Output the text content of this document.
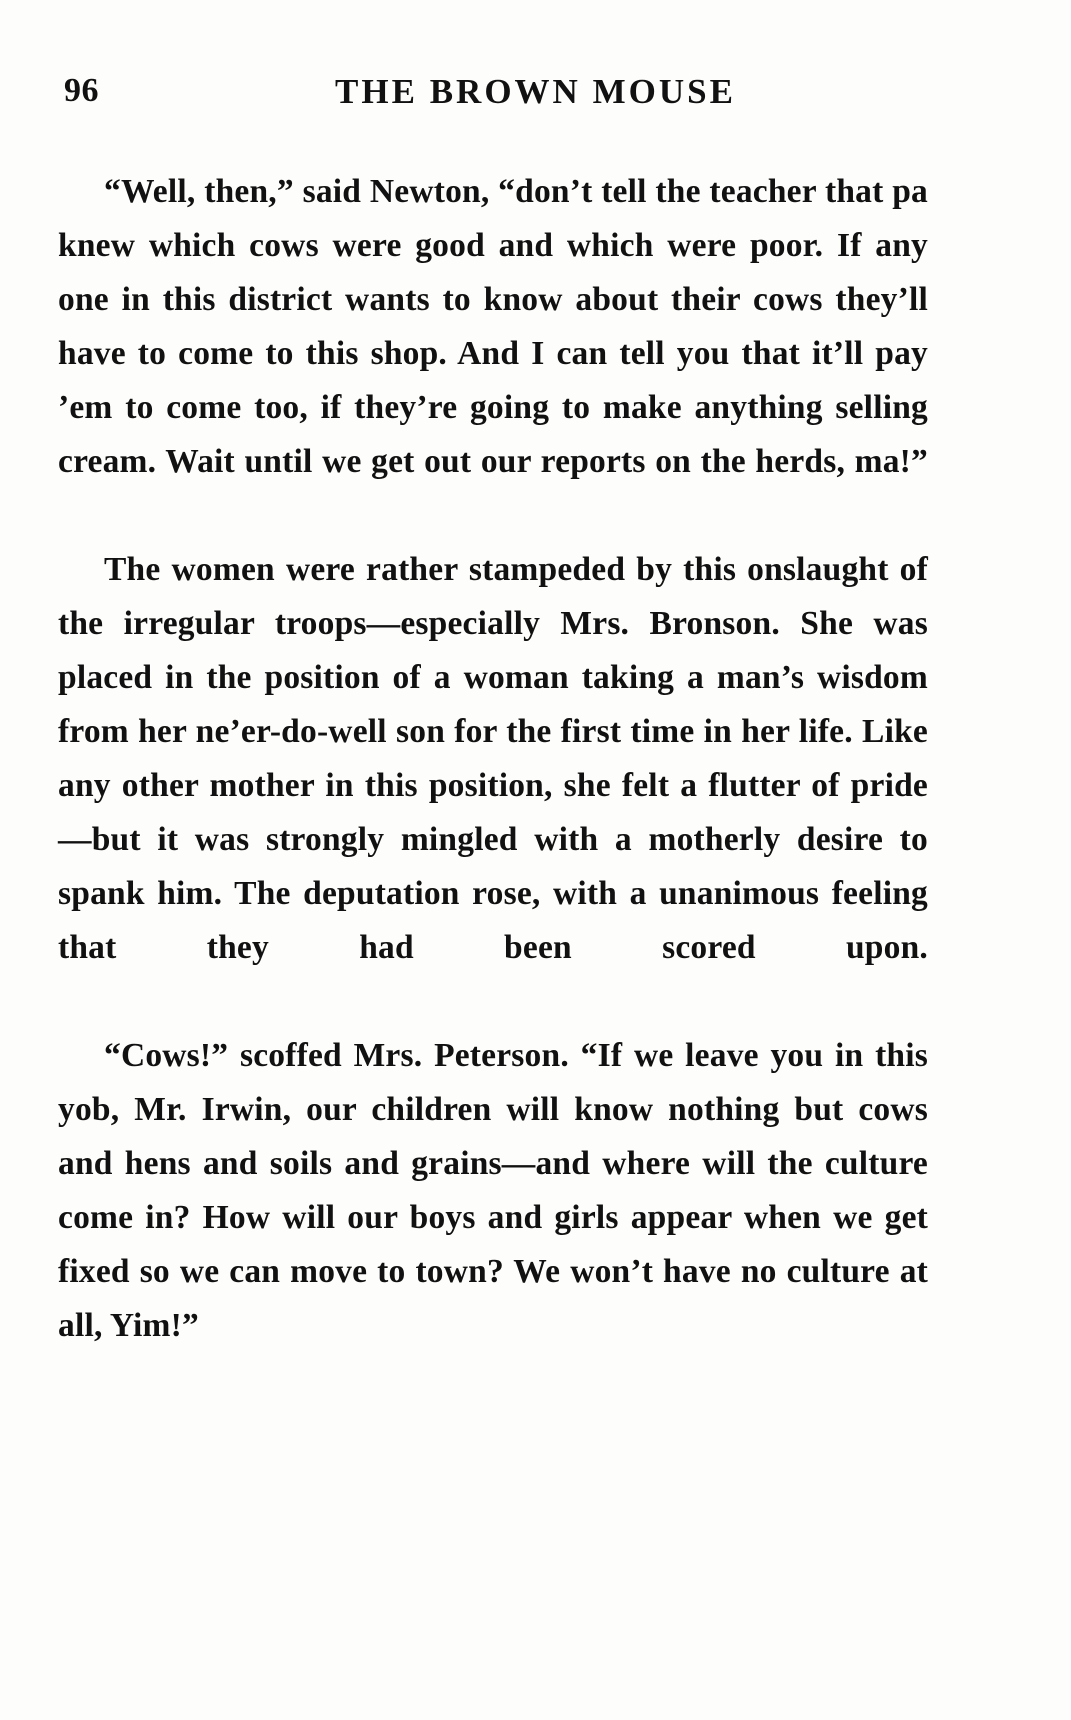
96	THE BROWN MOUSE

“Well, then,” said Newton, “don’t tell the teacher that pa knew which cows were good and which were poor. If any one in this district wants to know about their cows they’ll have to come to this shop. And I can tell you that it’ll pay ’em to come too, if they’re going to make anything selling cream. Wait until we get out our reports on the herds, ma!”

The women were rather stampeded by this onslaught of the irregular troops—especially Mrs. Bronson. She was placed in the position of a woman taking a man’s wisdom from her ne’er-do-well son for the first time in her life. Like any other mother in this position, she felt a flutter of pride—but it was strongly mingled with a motherly desire to spank him. The deputation rose, with a unanimous feeling that they had been scored upon.

“Cows!” scoffed Mrs. Peterson. “If we leave you in this yob, Mr. Irwin, our children will know nothing but cows and hens and soils and grains—and where will the culture come in? How will our boys and girls appear when we get fixed so we can move to town? We won’t have no culture at all, Yim!”
